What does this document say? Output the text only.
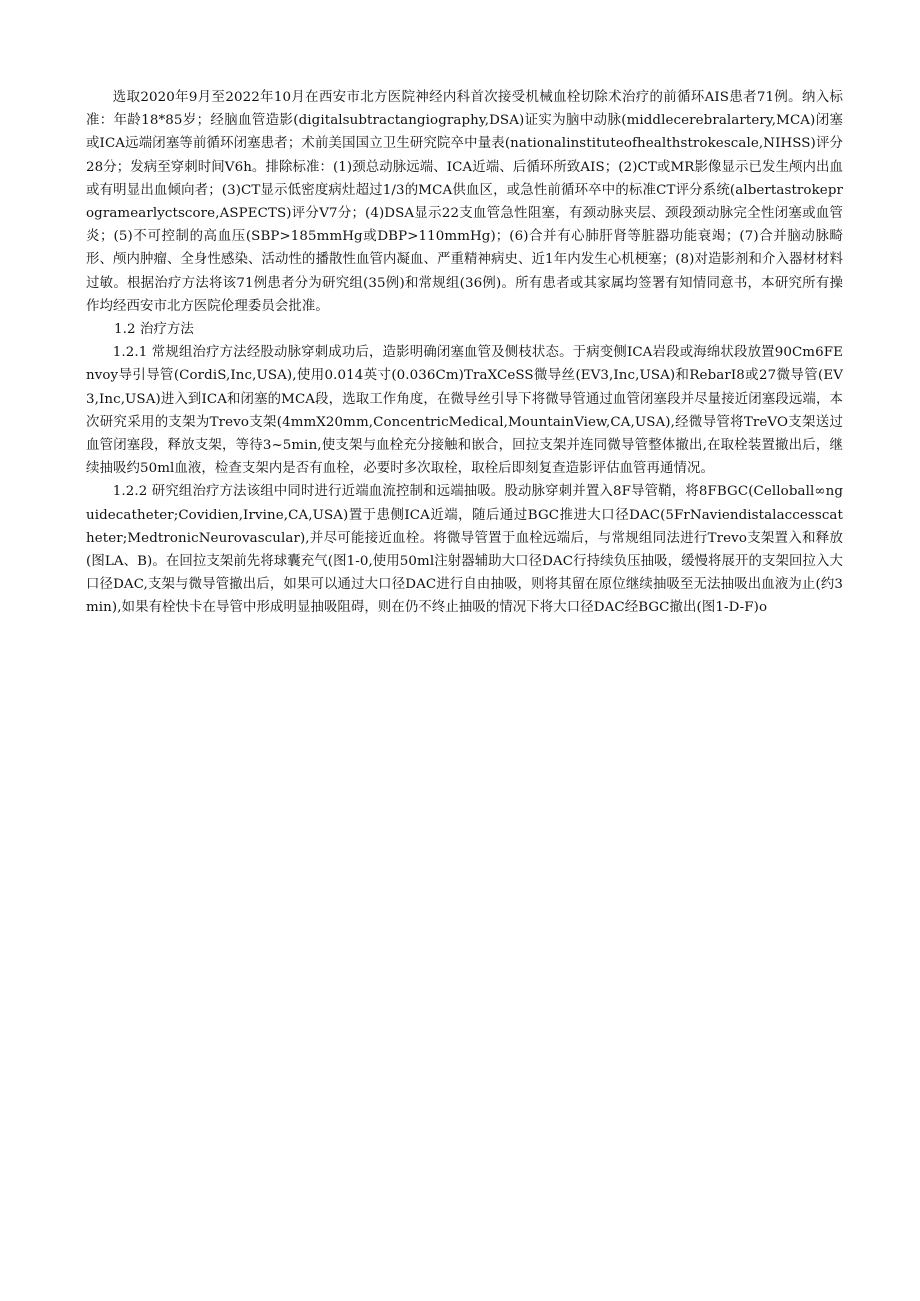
选取2020年9月至2022年10月在西安市北方医院神经内科首次接受机械血栓切除术治疗的前循环AIS患者71例。纳入标准：年龄18*85岁；经脑血管造影(digitalsubtractangiography,DSA)证实为脑中动脉(middlecerebralartery,MCA)闭塞或ICA远端闭塞等前循环闭塞患者；术前美国国立卫生研究院卒中量表(nationalinstituteofhealthstrokescale,NIHSS)评分28分；发病至穿刺时间V6h。排除标准：(1)颈总动脉远端、ICA近端、后循环所致AIS；(2)CT或MR影像显示已发生颅内出血或有明显出血倾向者；(3)CT显示低密度病灶超过1/3的MCA供血区，或急性前循环卒中的标准CT评分系统(albertastrokeprogramearlyctscore,ASPECTS)评分V7分；(4)DSA显示22支血管急性阻塞，有颈动脉夹层、颈段颈动脉完全性闭塞或血管炎；(5)不可控制的高血压(SBP>185mmHg或DBP>110mmHg)；(6)合并有心肺肝肾等脏器功能衰竭；(7)合并脑动脉畸形、颅内肿瘤、全身性感染、活动性的播散性血管内凝血、严重精神病史、近1年内发生心机梗塞；(8)对造影剂和介入器材材料过敏。根据治疗方法将该71例患者分为研究组(35例)和常规组(36例)。所有患者或其家属均签署有知情同意书，本研究所有操作均经西安市北方医院伦理委员会批准。

1.2 治疗方法

1.2.1 常规组治疗方法经股动脉穿刺成功后，造影明确闭塞血管及侧枝状态。于病变侧ICA岩段或海绵状段放置90Cm6FEnvoy导引导管(CordiS,Inc,USA),使用0.014英寸(0.036Cm)TraXCeSS微导丝(EV3,Inc,USA)和RebarI8或27微导管(EV3,Inc,USA)进入到ICA和闭塞的MCA段，选取工作角度，在微导丝引导下将微导管通过血管闭塞段并尽量接近闭塞段远端，本次研究采用的支架为Trevo支架(4mmX20mm,ConcentricMedical,MountainView,CA,USA),经微导管将TreVO支架送过血管闭塞段，释放支架，等待3~5min,使支架与血栓充分接触和嵌合，回拉支架并连同微导管整体撤出,在取栓装置撤出后，继续抽吸约50ml血液，检查支架内是否有血栓，必要时多次取栓，取栓后即刻复查造影评估血管再通情况。

1.2.2 研究组治疗方法该组中同时进行近端血流控制和远端抽吸。股动脉穿刺并置入8F导管鞘，将8FBGC(Celloball∞nguidecatheter;Covidien,Irvine,CA,USA)置于患侧ICA近端，随后通过BGC推进大口径DAC(5FrNaviendistalaccesscatheter;MedtronicNeurovascular),并尽可能接近血栓。将微导管置于血栓远端后，与常规组同法进行Trevo支架置入和释放(图LA、B)。在回拉支架前先将球囊充气(图1-0,使用50ml注射器辅助大口径DAC行持续负压抽吸，缓慢将展开的支架回拉入大口径DAC,支架与微导管撤出后，如果可以通过大口径DAC进行自由抽吸，则将其留在原位继续抽吸至无法抽吸出血液为止(约3min),如果有栓快卡在导管中形成明显抽吸阻碍，则在仍不终止抽吸的情况下将大口径DAC经BGC撤出(图1-D-F)o
